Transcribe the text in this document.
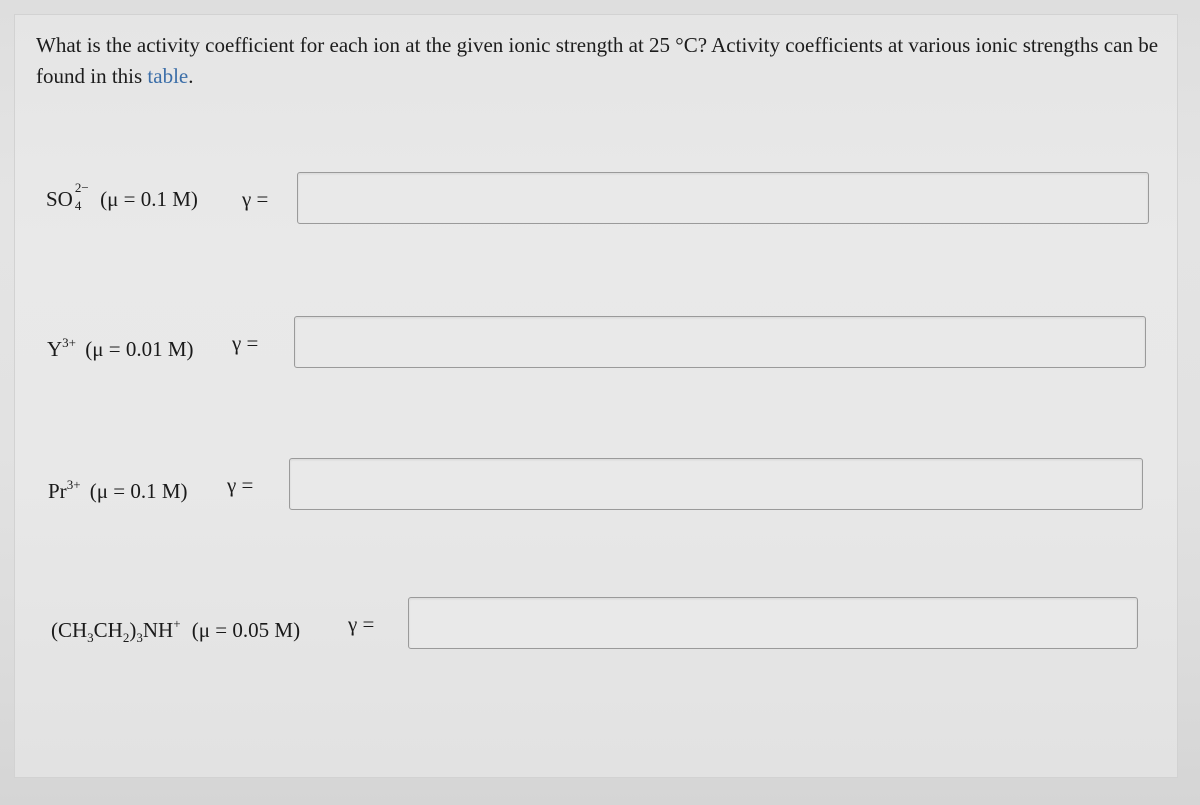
What is the activity coefficient for each ion at the given ionic strength at 25 °C? Activity coefficients at various ionic strengths can be found in this table.
SO 2−
4 (μ = 0.1 M) γ =
$Y^{3+}$ (μ = 0.01 M) γ =
$Pr^{3+}$ (μ = 0.1 M) γ =
$(CH_3CH_2)_3NH^+$ (μ = 0.05 M) γ =
